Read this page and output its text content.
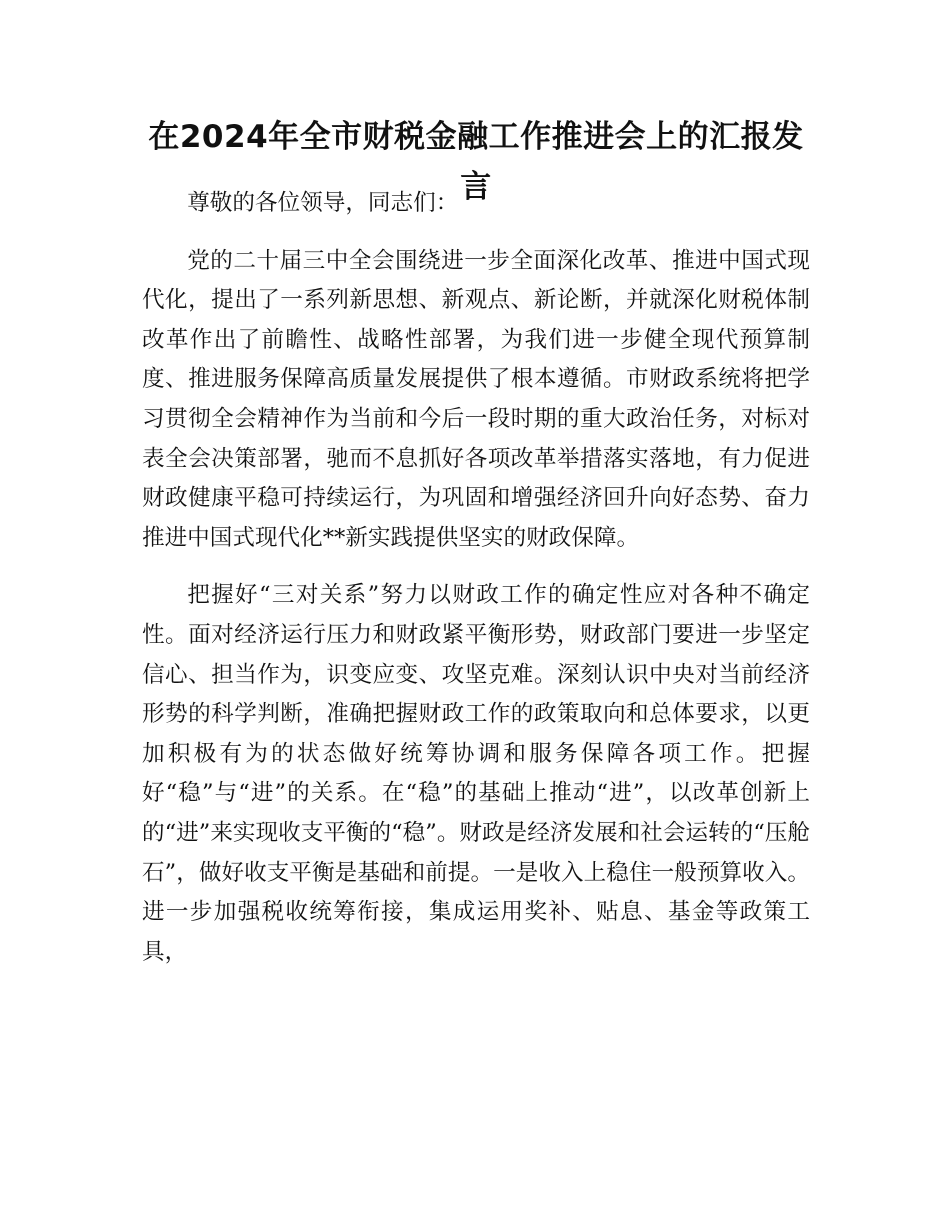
在2024年全市财税金融工作推进会上的汇报发言

尊敬的各位领导，同志们：

党的二十届三中全会围绕进一步全面深化改革、推进中国式现代化，提出了一系列新思想、新观点、新论断，并就深化财税体制改革作出了前瞻性、战略性部署，为我们进一步健全现代预算制度、推进服务保障高质量发展提供了根本遵循。市财政系统将把学习贯彻全会精神作为当前和今后一段时期的重大政治任务，对标对表全会决策部署，驰而不息抓好各项改革举措落实落地，有力促进财政健康平稳可持续运行，为巩固和增强经济回升向好态势、奋力推进中国式现代化**新实践提供坚实的财政保障。

把握好“三对关系”努力以财政工作的确定性应对各种不确定性。面对经济运行压力和财政紧平衡形势，财政部门要进一步坚定信心、担当作为，识变应变、攻坚克难。深刻认识中央对当前经济形势的科学判断，准确把握财政工作的政策取向和总体要求，以更加积极有为的状态做好统筹协调和服务保障各项工作。把握好“稳”与“进”的关系。在“稳”的基础上推动“进”，以改革创新上的“进”来实现收支平衡的“稳”。财政是经济发展和社会运转的“压舱石”，做好收支平衡是基础和前提。一是收入上稳住一般预算收入。进一步加强税收统筹衔接，集成运用奖补、贴息、基金等政策工具，
